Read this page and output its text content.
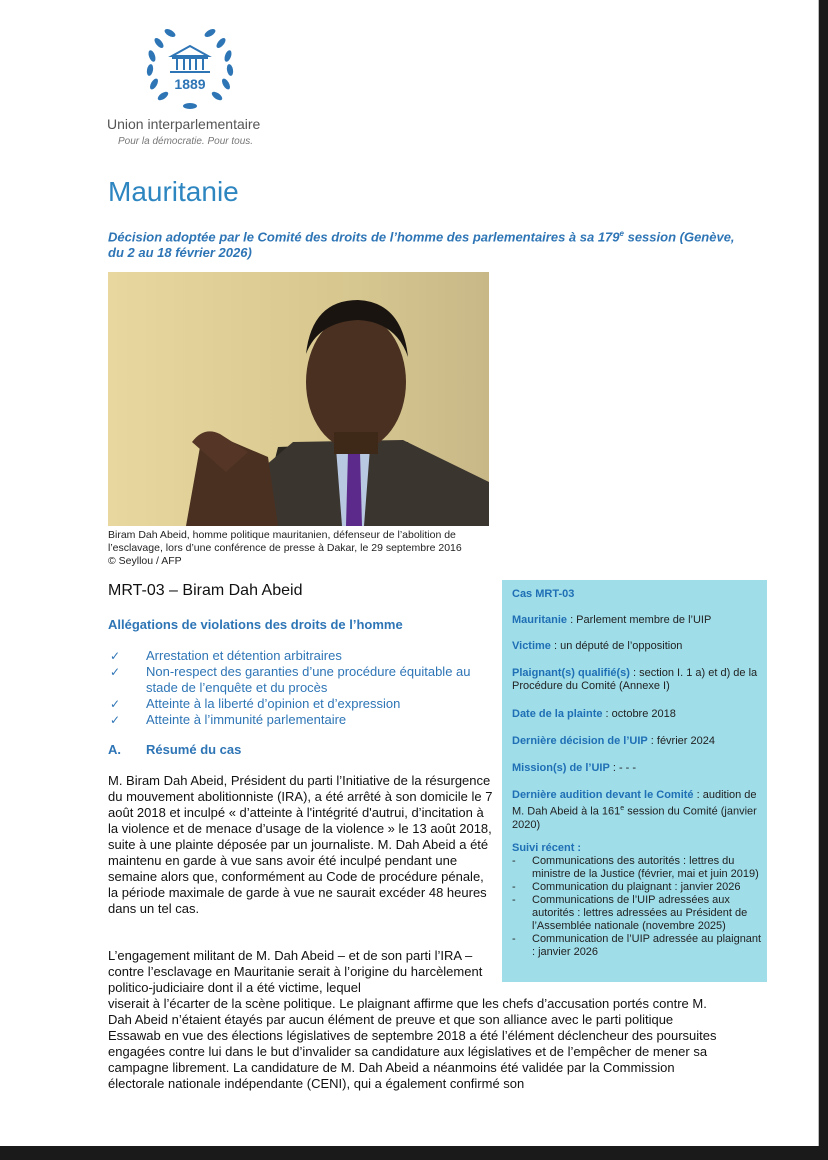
1889
Union interparlementaire
Pour la démocratie. Pour tous.
Mauritanie
Décision adoptée par le Comité des droits de l’homme des parlementaires à sa 179e session (Genève, du 2 au 18 février 2026)
Biram Dah Abeid, homme politique mauritanien, défenseur de l’abolition de l’esclavage, lors d’une conférence de presse à Dakar, le 29 septembre 2016
© Seyllou / AFP
MRT-03 – Biram Dah Abeid
Allégations de violations des droits de l’homme
✓ Arrestation et détention arbitraires
✓ Non-respect des garanties d’une procédure équitable au stade de l’enquête et du procès
✓ Atteinte à la liberté d’opinion et d’expression
✓ Atteinte à l’immunité parlementaire
A. Résumé du cas
M. Biram Dah Abeid, Président du parti l’Initiative de la résurgence du mouvement abolitionniste (IRA), a été arrêté à son domicile le 7 août 2018 et inculpé « d’atteinte à l'intégrité d'autrui, d’incitation à la violence et de menace d’usage de la violence » le 13 août 2018, suite à une plainte déposée par un journaliste. M. Dah Abeid a été maintenu en garde à vue sans avoir été inculpé pendant une semaine alors que, conformément au Code de procédure pénale, la période maximale de garde à vue ne saurait excéder 48 heures dans un tel cas.
L’engagement militant de M. Dah Abeid – et de son parti l’IRA – contre l’esclavage en Mauritanie serait à l’origine du harcèlement politico-judiciaire dont il a été victime, lequel
viserait à l’écarter de la scène politique. Le plaignant affirme que les chefs d’accusation portés contre M. Dah Abeid n’étaient étayés par aucun élément de preuve et que son alliance avec le parti politique Essawab en vue des élections législatives de septembre 2018 a été l’élément déclencheur des poursuites engagées contre lui dans le but d’invalider sa candidature aux législatives et de l’empêcher de mener sa campagne librement. La candidature de M. Dah Abeid a néanmoins été validée par la Commission électorale nationale indépendante (CENI), qui a également confirmé son
Cas MRT-03
Mauritanie : Parlement membre de l’UIP
Victime : un député de l’opposition
Plaignant(s) qualifié(s) : section I. 1 a) et d) de la Procédure du Comité (Annexe I)
Date de la plainte : octobre 2018
Dernière décision de l’UIP : février 2024
Mission(s) de l’UIP : - - -
Dernière audition devant le Comité : audition de M. Dah Abeid à la 161e session du Comité (janvier 2020)
Suivi récent :
- Communications des autorités : lettres du ministre de la Justice (février, mai et juin 2019)
- Communication du plaignant : janvier 2026
- Communications de l’UIP adressées aux autorités : lettres adressées au Président de l’Assemblée nationale (novembre 2025)
- Communication de l’UIP adressée au plaignant : janvier 2026
